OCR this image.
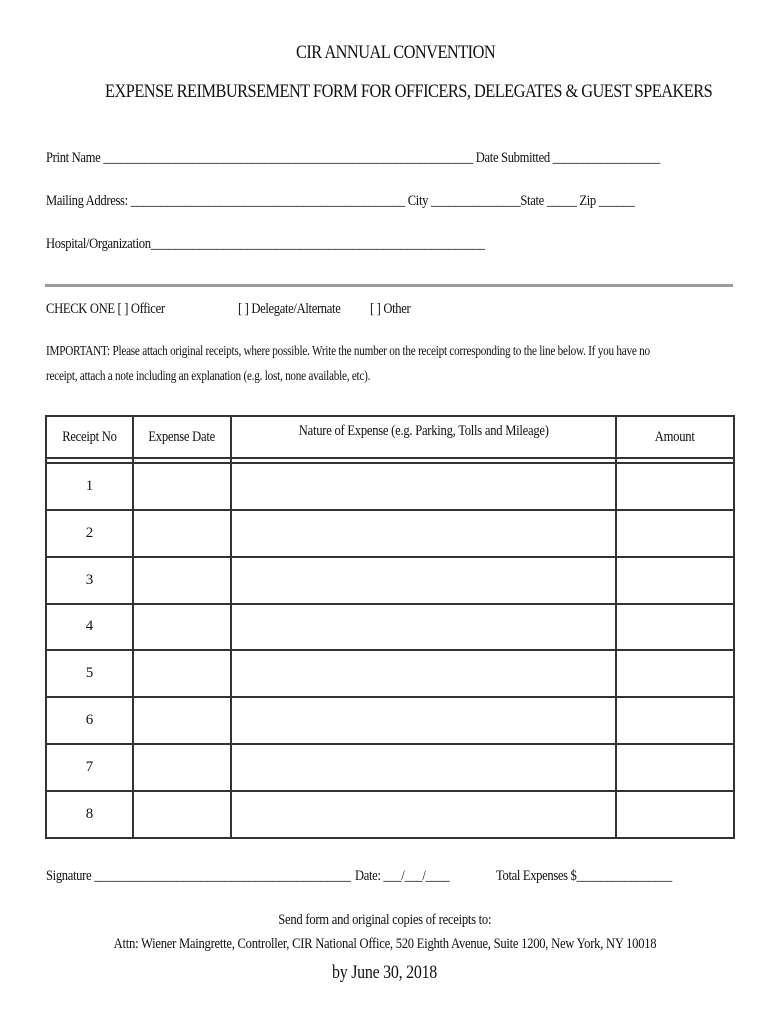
CIR ANNUAL CONVENTION
EXPENSE REIMBURSEMENT FORM FOR OFFICERS, DELEGATES & GUEST SPEAKERS
Print Name ______________________________________________________________ Date Submitted __________________
Mailing Address: ______________________________________________ City _______________State _____ Zip ______
Hospital/Organization________________________________________________________
CHECK ONE [ ] Officer	[ ] Delegate/Alternate [ ] Other
IMPORTANT: Please attach original receipts, where possible. Write the number on the receipt corresponding to the line below. If you have no
receipt, attach a note including an explanation (e.g. lost, none available, etc).
Receipt No	Expense Date	Nature of Expense (e.g. Parking, Tolls and Mileage)	Amount

1			
2			
3			
4			
5			
6			
7			
8			
Signature ___________________________________________ Date: ___/___/____	Total Expenses $________________
Send form and original copies of receipts to:
Attn: Wiener Maingrette, Controller, CIR National Office, 520 Eighth Avenue, Suite 1200, New York, NY 10018
by June 30, 2018
